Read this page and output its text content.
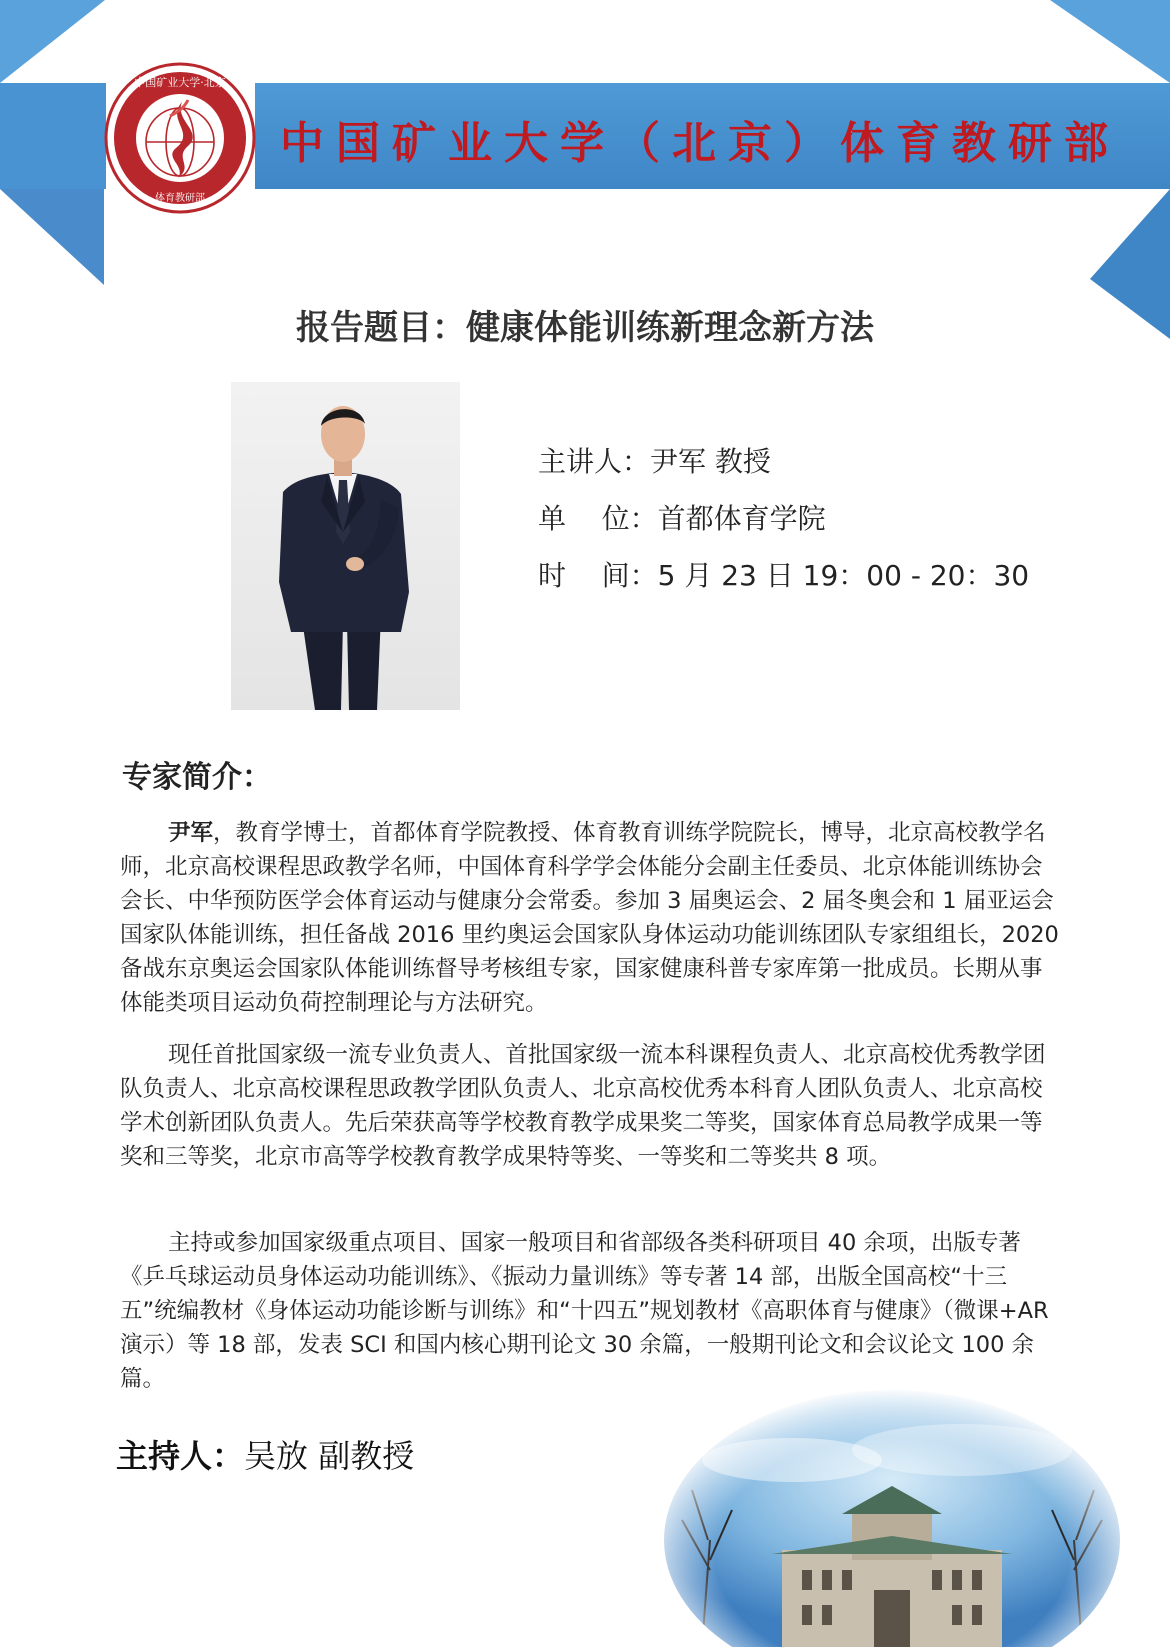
中国矿业大学（北京）体育教研部
中国矿业大学·北京
体育教研部
报告题目：健康体能训练新理念新方法
主讲人：尹军 教授
单    位：首都体育学院
时    间：5 月 23 日 19：00 - 20：30
专家简介：

尹军，教育学博士，首都体育学院教授、体育教育训练学院院长，博导，北京高校教学名师，北京高校课程思政教学名师，中国体育科学学会体能分会副主任委员、北京体能训练协会会长、中华预防医学会体育运动与健康分会常委。参加 3 届奥运会、2 届冬奥会和 1 届亚运会国家队体能训练，担任备战 2016 里约奥运会国家队身体运动功能训练团队专家组组长，2020 备战东京奥运会国家队体能训练督导考核组专家，国家健康科普专家库第一批成员。长期从事体能类项目运动负荷控制理论与方法研究。

现任首批国家级一流专业负责人、首批国家级一流本科课程负责人、北京高校优秀教学团队负责人、北京高校课程思政教学团队负责人、北京高校优秀本科育人团队负责人、北京高校学术创新团队负责人。先后荣获高等学校教育教学成果奖二等奖，国家体育总局教学成果一等奖和三等奖，北京市高等学校教育教学成果特等奖、一等奖和二等奖共 8 项。

主持或参加国家级重点项目、国家一般项目和省部级各类科研项目 40 余项，出版专著《乒乓球运动员身体运动功能训练》、《振动力量训练》等专著 14 部，出版全国高校“十三五”统编教材《身体运动功能诊断与训练》和“十四五”规划教材《高职体育与健康》（微课+AR 演示）等 18 部，发表 SCI 和国内核心期刊论文 30 余篇，一般期刊论文和会议论文 100 余篇。

主持人：吴放 副教授
